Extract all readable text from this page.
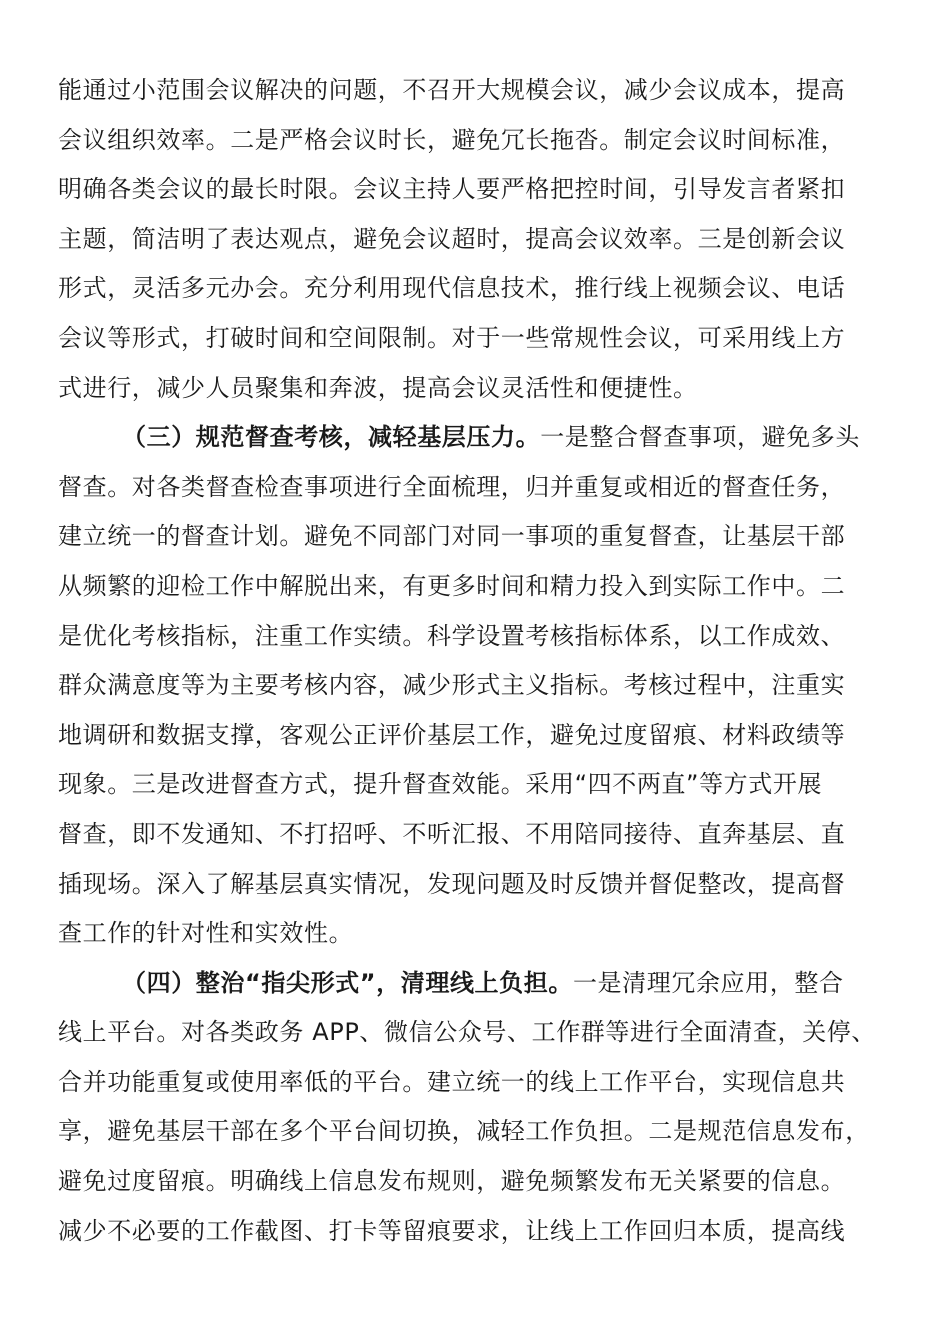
能通过小范围会议解决的问题，不召开大规模会议，减少会议成本，提高
会议组织效率。二是严格会议时长，避免冗长拖沓。制定会议时间标准，
明确各类会议的最长时限。会议主持人要严格把控时间，引导发言者紧扣
主题，简洁明了表达观点，避免会议超时，提高会议效率。三是创新会议
形式，灵活多元办会。充分利用现代信息技术，推行线上视频会议、电话
会议等形式，打破时间和空间限制。对于一些常规性会议，可采用线上方
式进行，减少人员聚集和奔波，提高会议灵活性和便捷性。
（三）规范督查考核，减轻基层压力。一是整合督查事项，避免多头
督查。对各类督查检查事项进行全面梳理，归并重复或相近的督查任务，
建立统一的督查计划。避免不同部门对同一事项的重复督查，让基层干部
从频繁的迎检工作中解脱出来，有更多时间和精力投入到实际工作中。二
是优化考核指标，注重工作实绩。科学设置考核指标体系，以工作成效、
群众满意度等为主要考核内容，减少形式主义指标。考核过程中，注重实
地调研和数据支撑，客观公正评价基层工作，避免过度留痕、材料政绩等
现象。三是改进督查方式，提升督查效能。采用“四不两直”等方式开展
督查，即不发通知、不打招呼、不听汇报、不用陪同接待、直奔基层、直
插现场。深入了解基层真实情况，发现问题及时反馈并督促整改，提高督
查工作的针对性和实效性。
（四）整治“指尖形式”，清理线上负担。一是清理冗余应用，整合
线上平台。对各类政务 APP、微信公众号、工作群等进行全面清查，关停、
合并功能重复或使用率低的平台。建立统一的线上工作平台，实现信息共
享，避免基层干部在多个平台间切换，减轻工作负担。二是规范信息发布，
避免过度留痕。明确线上信息发布规则，避免频繁发布无关紧要的信息。
减少不必要的工作截图、打卡等留痕要求，让线上工作回归本质，提高线
